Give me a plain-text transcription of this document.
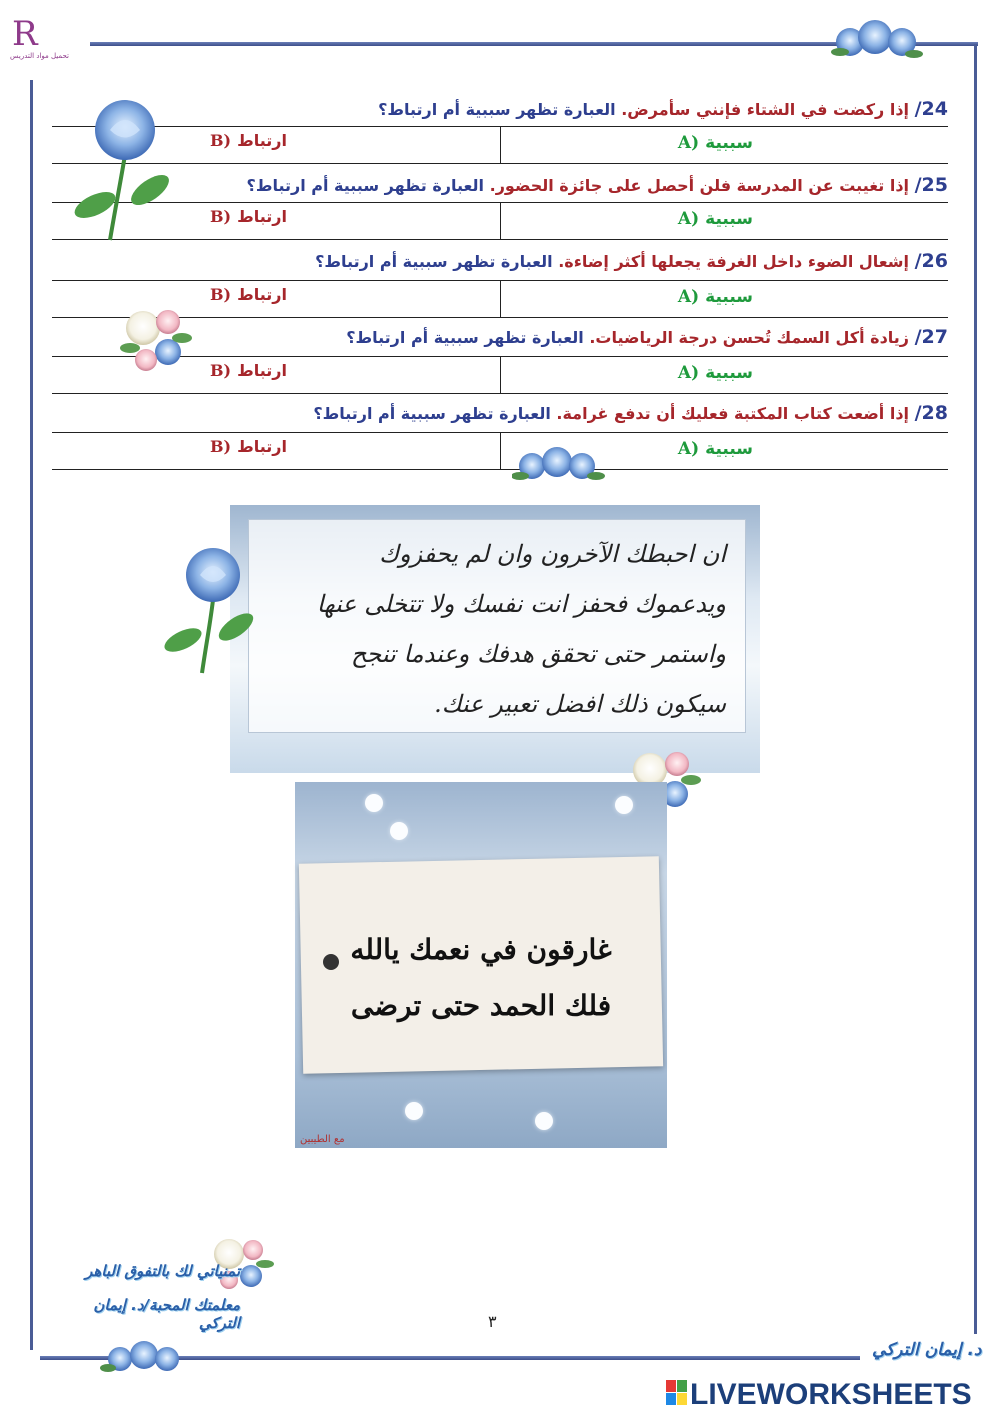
R
تحميل مواد التدريس
24/ إذا ركضت في الشتاء فإنني سأمرض. العبارة تظهر سببية أم ارتباط؟
سببية(A
ارتباط(B
25/ إذا تغيبت عن المدرسة فلن أحصل على جائزة الحضور. العبارة تظهر سببية أم ارتباط؟
سببية(A
ارتباط(B
26/ إشعال الضوء داخل الغرفة يجعلها أكثر إضاءة. العبارة تظهر سببية أم ارتباط؟
سببية(A
ارتباط(B
27/ زيادة أكل السمك تُحسن درجة الرياضيات. العبارة تظهر سببية أم ارتباط؟
سببية(A
ارتباط(B
28/ إذا أضعت كتاب المكتبة فعليك أن تدفع غرامة. العبارة تظهر سببية أم ارتباط؟
سببية(A
ارتباط(B
ان احبطك الآخرون وان لم يحفزوك
ويدعموك فحفز انت نفسك ولا تتخلى عنها
واستمر حتى تحقق هدفك وعندما تنجح
سيكون ذلك افضل تعبير عنك.
غارقون في نعمك يالله
فلك الحمد حتى ترضى
مع الطيبين
تمنياتي لك بالتفوق الباهر
معلمتك المحبة/د. إيمان التركي	٣
د. إيمان التركي
LIVEWORKSHEETS
